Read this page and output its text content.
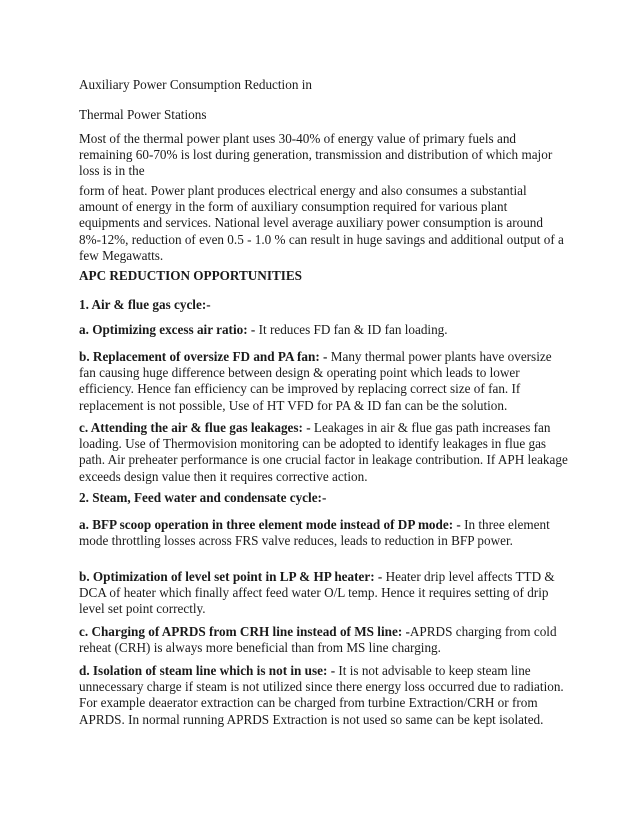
Auxiliary Power Consumption Reduction in

Thermal Power Stations

Most of the thermal power plant uses 30-40% of energy value of primary fuels and remaining 60-70% is lost during generation, transmission and distribution of which major loss is in the

form of heat. Power plant produces electrical energy and also consumes a substantial amount of energy in the form of auxiliary consumption required for various plant equipments and services. National level average auxiliary power consumption is around 8%-12%, reduction of even 0.5 - 1.0 % can result in huge savings and additional output of a few Megawatts.

APC REDUCTION OPPORTUNITIES

1. Air & flue gas cycle:-

a. Optimizing excess air ratio: - It reduces FD fan & ID fan loading.

b. Replacement of oversize FD and PA fan: - Many thermal power plants have oversize fan causing huge difference between design & operating point which leads to lower efficiency. Hence fan efficiency can be improved by replacing correct size of fan. If replacement is not possible, Use of HT VFD for PA & ID fan can be the solution.

c. Attending the air & flue gas leakages: - Leakages in air & flue gas path increases fan loading. Use of Thermovision monitoring can be adopted to identify leakages in flue gas path. Air preheater performance is one crucial factor in leakage contribution. If APH leakage exceeds design value then it requires corrective action.

2. Steam, Feed water and condensate cycle:-

a. BFP scoop operation in three element mode instead of DP mode: - In three element mode throttling losses across FRS valve reduces, leads to reduction in BFP power.

b. Optimization of level set point in LP & HP heater: - Heater drip level affects TTD & DCA of heater which finally affect feed water O/L temp. Hence it requires setting of drip level set point correctly.

c. Charging of APRDS from CRH line instead of MS line: -APRDS charging from cold reheat (CRH) is always more beneficial than from MS line charging.

d. Isolation of steam line which is not in use: - It is not advisable to keep steam line unnecessary charge if steam is not utilized since there energy loss occurred due to radiation. For example deaerator extraction can be charged from turbine Extraction/CRH or from APRDS. In normal running APRDS Extraction is not used so same can be kept isolated.
